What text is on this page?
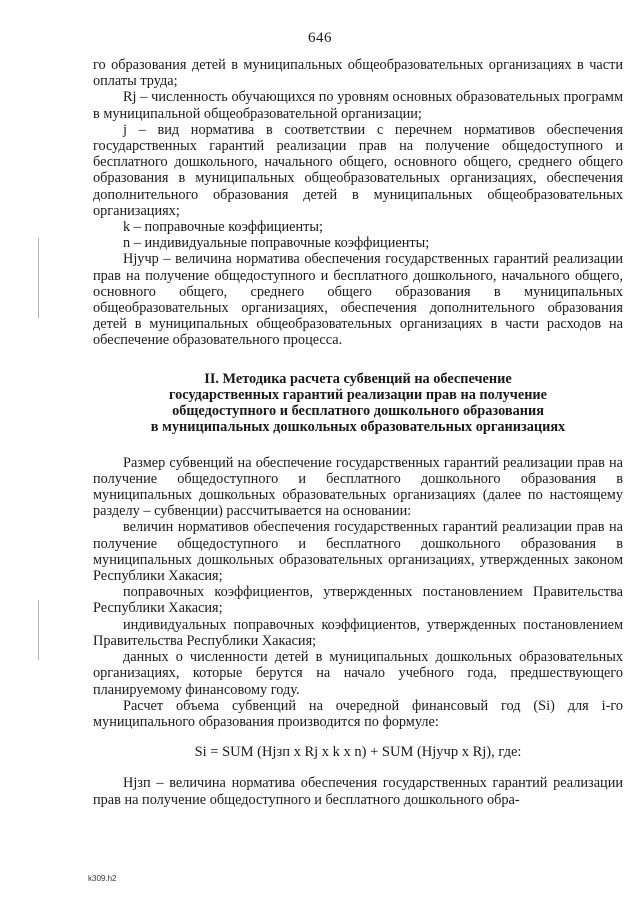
646

го образования детей в муниципальных общеобразовательных организациях в части оплаты труда;

Rj – численность обучающихся по уровням основных образовательных программ в муниципальной общеобразовательной организации;

j – вид норматива в соответствии с перечнем нормативов обеспечения государственных гарантий реализации прав на получение общедоступного и бесплатного дошкольного, начального общего, основного общего, среднего общего образования в муниципальных общеобразовательных организациях, обеспечения дополнительного образования детей в муниципальных общеобразовательных организациях;

k – поправочные коэффициенты;

n – индивидуальные поправочные коэффициенты;

Hjучр – величина норматива обеспечения государственных гарантий реализации прав на получение общедоступного и бесплатного дошкольного, начального общего, основного общего, среднего общего образования в муниципальных общеобразовательных организациях, обеспечения дополнительного образования детей в муниципальных общеобразовательных организациях в части расходов на обеспечение образовательного процесса.

II. Методика расчета субвенций на обеспечение
государственных гарантий реализации прав на получение
общедоступного и бесплатного дошкольного образования
в муниципальных дошкольных образовательных организациях

Размер субвенций на обеспечение государственных гарантий реализации прав на получение общедоступного и бесплатного дошкольного образования в муниципальных дошкольных образовательных организациях (далее по настоящему разделу – субвенции) рассчитывается на основании:

величин нормативов обеспечения государственных гарантий реализации прав на получение общедоступного и бесплатного дошкольного образования в муниципальных дошкольных образовательных организациях, утвержденных законом Республики Хакасия;

поправочных коэффициентов, утвержденных постановлением Правительства Республики Хакасия;

индивидуальных поправочных коэффициентов, утвержденных постановлением Правительства Республики Хакасия;

данных о численности детей в муниципальных дошкольных образовательных организациях, которые берутся на начало учебного года, предшествующего планируемому финансовому году.

Расчет объема субвенций на очередной финансовый год (Si) для i-го муниципального образования производится по формуле:

Si = SUM (Hjзп x Rj x k x n) + SUM (Hjучр x Rj), где:

Hjзп – величина норматива обеспечения государственных гарантий реализации прав на получение общедоступного и бесплатного дошкольного обра-

k309.h2
